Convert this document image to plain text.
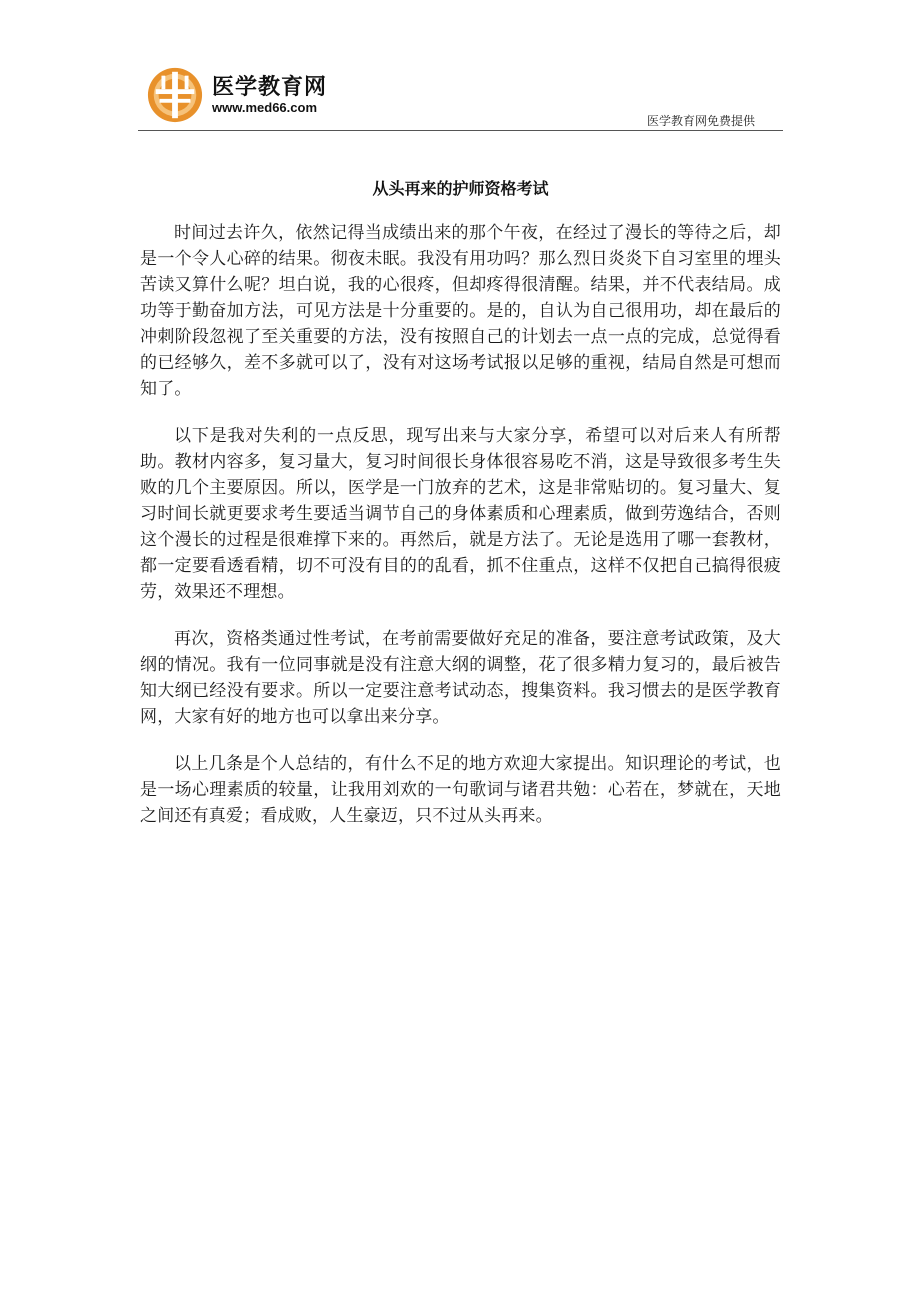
医学教育网
www.med66.com
医学教育网免费提供
从头再来的护师资格考试

时间过去许久，依然记得当成绩出来的那个午夜，在经过了漫长的等待之后，却是一个令人心碎的结果。彻夜未眠。我没有用功吗？那么烈日炎炎下自习室里的埋头苦读又算什么呢？坦白说，我的心很疼，但却疼得很清醒。结果，并不代表结局。成功等于勤奋加方法，可见方法是十分重要的。是的，自认为自己很用功，却在最后的冲刺阶段忽视了至关重要的方法，没有按照自己的计划去一点一点的完成，总觉得看的已经够久，差不多就可以了，没有对这场考试报以足够的重视，结局自然是可想而知了。

以下是我对失利的一点反思，现写出来与大家分享，希望可以对后来人有所帮助。教材内容多，复习量大，复习时间很长身体很容易吃不消，这是导致很多考生失败的几个主要原因。所以，医学是一门放弃的艺术，这是非常贴切的。复习量大、复习时间长就更要求考生要适当调节自己的身体素质和心理素质，做到劳逸结合，否则这个漫长的过程是很难撑下来的。再然后，就是方法了。无论是选用了哪一套教材，都一定要看透看精，切不可没有目的的乱看，抓不住重点，这样不仅把自己搞得很疲劳，效果还不理想。

再次，资格类通过性考试，在考前需要做好充足的准备，要注意考试政策，及大纲的情况。我有一位同事就是没有注意大纲的调整，花了很多精力复习的，最后被告知大纲已经没有要求。所以一定要注意考试动态，搜集资料。我习惯去的是医学教育网，大家有好的地方也可以拿出来分享。

以上几条是个人总结的，有什么不足的地方欢迎大家提出。知识理论的考试，也是一场心理素质的较量，让我用刘欢的一句歌词与诸君共勉：心若在，梦就在，天地之间还有真爱；看成败，人生豪迈，只不过从头再来。
